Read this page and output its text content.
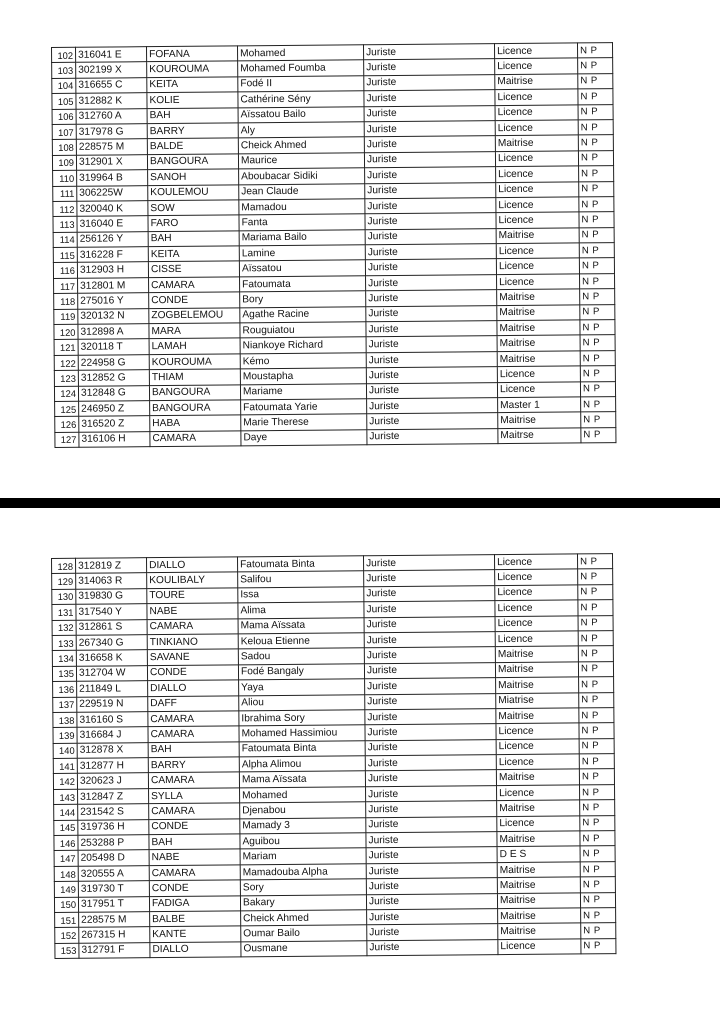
102	316041 E	FOFANA	Mohamed	Juriste	Licence	N P
103	302199 X	KOUROUMA	Mohamed Foumba	Juriste	Licence	N P
104	316655 C	KEITA	Fodé II	Juriste	Maitrise	N P
105	312882 K	KOLIE	Cathérine Sény	Juriste	Licence	N P
106	312760 A	BAH	Aïssatou Bailo	Juriste	Licence	N P
107	317978 G	BARRY	Aly	Juriste	Licence	N P
108	228575 M	BALDE	Cheick Ahmed	Juriste	Maitrise	N P
109	312901 X	BANGOURA	Maurice	Juriste	Licence	N P
110	319964 B	SANOH	Aboubacar Sidiki	Juriste	Licence	N P
111	306225W	KOULEMOU	Jean Claude	Juriste	Licence	N P
112	320040 K	SOW	Mamadou	Juriste	Licence	N P
113	316040 E	FARO	Fanta	Juriste	Licence	N P
114	256126 Y	BAH	Mariama Bailo	Juriste	Maitrise	N P
115	316228 F	KEITA	Lamine	Juriste	Licence	N P
116	312903 H	CISSE	Aïssatou	Juriste	Licence	N P
117	312801 M	CAMARA	Fatoumata	Juriste	Licence	N P
118	275016 Y	CONDE	Bory	Juriste	Maitrise	N P
119	320132 N	ZOGBELEMOU	Agathe Racine	Juriste	Maitrise	N P
120	312898 A	MARA	Rouguiatou	Juriste	Maitrise	N P
121	320118 T	LAMAH	Niankoye Richard	Juriste	Maitrise	N P
122	224958 G	KOUROUMA	Kémo	Juriste	Maitrise	N P
123	312852 G	THIAM	Moustapha	Juriste	Licence	N P
124	312848 G	BANGOURA	Mariame	Juriste	Licence	N P
125	246950 Z	BANGOURA	Fatoumata Yarie	Juriste	Master 1	N P
126	316520 Z	HABA	Marie Therese	Juriste	Maitrise	N P
127	316106 H	CAMARA	Daye	Juriste	Maitrse	N P
128	312819 Z	DIALLO	Fatoumata Binta	Juriste	Licence	N P
129	314063 R	KOULIBALY	Salifou	Juriste	Licence	N P
130	319830 G	TOURE	Issa	Juriste	Licence	N P
131	317540 Y	NABE	Alima	Juriste	Licence	N P
132	312861 S	CAMARA	Mama Aïssata	Juriste	Licence	N P
133	267340 G	TINKIANO	Keloua Etienne	Juriste	Licence	N P
134	316658 K	SAVANE	Sadou	Juriste	Maitrise	N P
135	312704 W	CONDE	Fodé Bangaly	Juriste	Maitrise	N P
136	211849 L	DIALLO	Yaya	Juriste	Maitrise	N P
137	229519 N	DAFF	Aliou	Juriste	Miatrise	N P
138	316160 S	CAMARA	Ibrahima Sory	Juriste	Maitrise	N P
139	316684 J	CAMARA	Mohamed Hassimiou	Juriste	Licence	N P
140	312878 X	BAH	Fatoumata Binta	Juriste	Licence	N P
141	312877 H	BARRY	Alpha Alimou	Juriste	Licence	N P
142	320623 J	CAMARA	Mama Aïssata	Juriste	Maitrise	N P
143	312847 Z	SYLLA	Mohamed	Juriste	Licence	N P
144	231542 S	CAMARA	Djenabou	Juriste	Maitrise	N P
145	319736 H	CONDE	Mamady 3	Juriste	Licence	N P
146	253288 P	BAH	Aguibou	Juriste	Maitrise	N P
147	205498 D	NABE	Mariam	Juriste	D E S	N P
148	320555 A	CAMARA	Mamadouba Alpha	Juriste	Maitrise	N P
149	319730 T	CONDE	Sory	Juriste	Maitrise	N P
150	317951 T	FADIGA	Bakary	Juriste	Maitrise	N P
151	228575 M	BALBE	Cheick Ahmed	Juriste	Maitrise	N P
152	267315 H	KANTE	Oumar Bailo	Juriste	Maitrise	N P
153	312791 F	DIALLO	Ousmane	Juriste	Licence	N P
